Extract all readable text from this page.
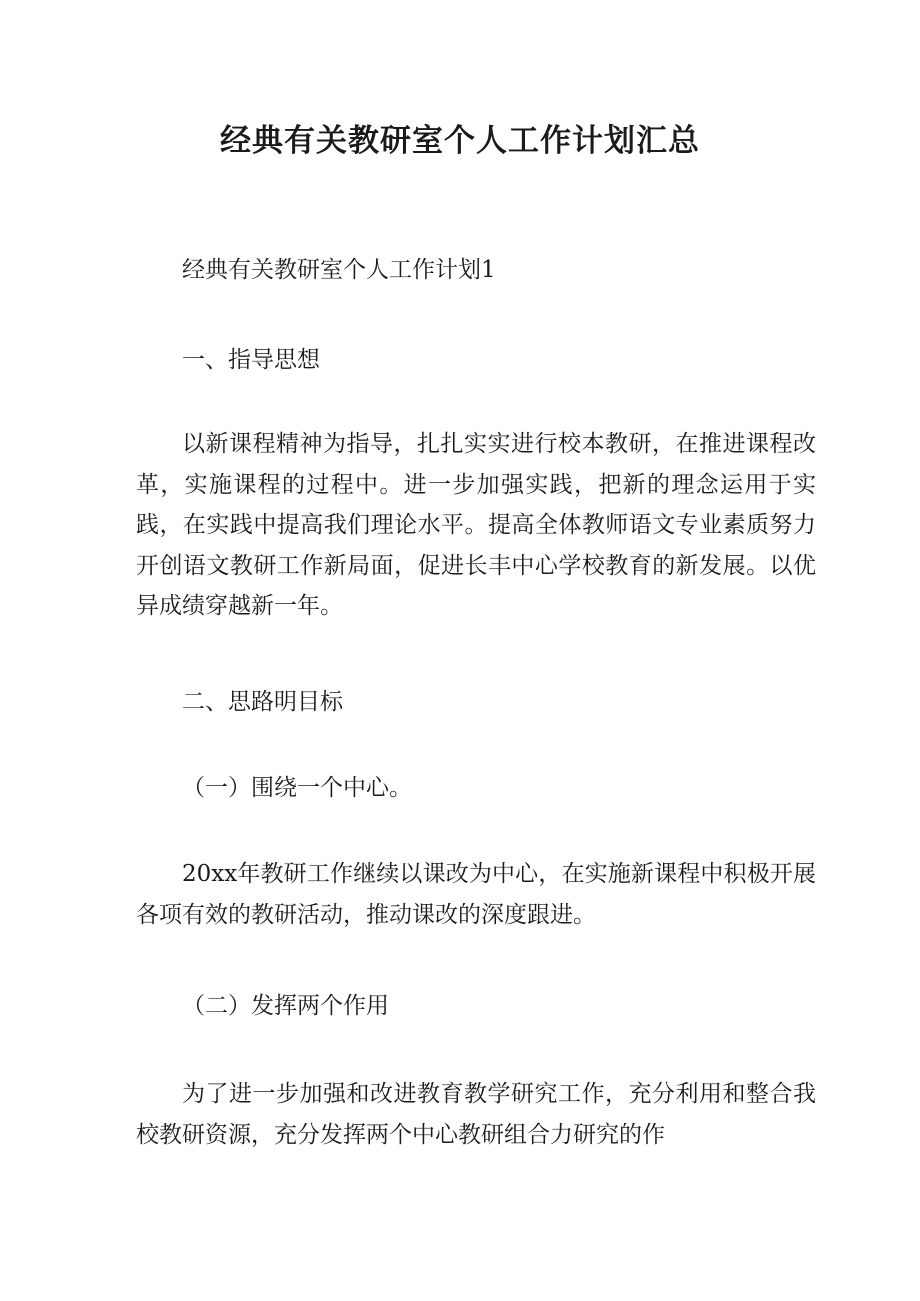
经典有关教研室个人工作计划汇总

经典有关教研室个人工作计划1

一、指导思想

以新课程精神为指导，扎扎实实进行校本教研，在推进课程改革，实施课程的过程中。进一步加强实践，把新的理念运用于实践，在实践中提高我们理论水平。提高全体教师语文专业素质努力开创语文教研工作新局面，促进长丰中心学校教育的新发展。以优异成绩穿越新一年。

二、思路明目标

（一）围绕一个中心。

20xx年教研工作继续以课改为中心，在实施新课程中积极开展各项有效的教研活动，推动课改的深度跟进。

（二）发挥两个作用

为了进一步加强和改进教育教学研究工作，充分利用和整合我校教研资源，充分发挥两个中心教研组合力研究的作
